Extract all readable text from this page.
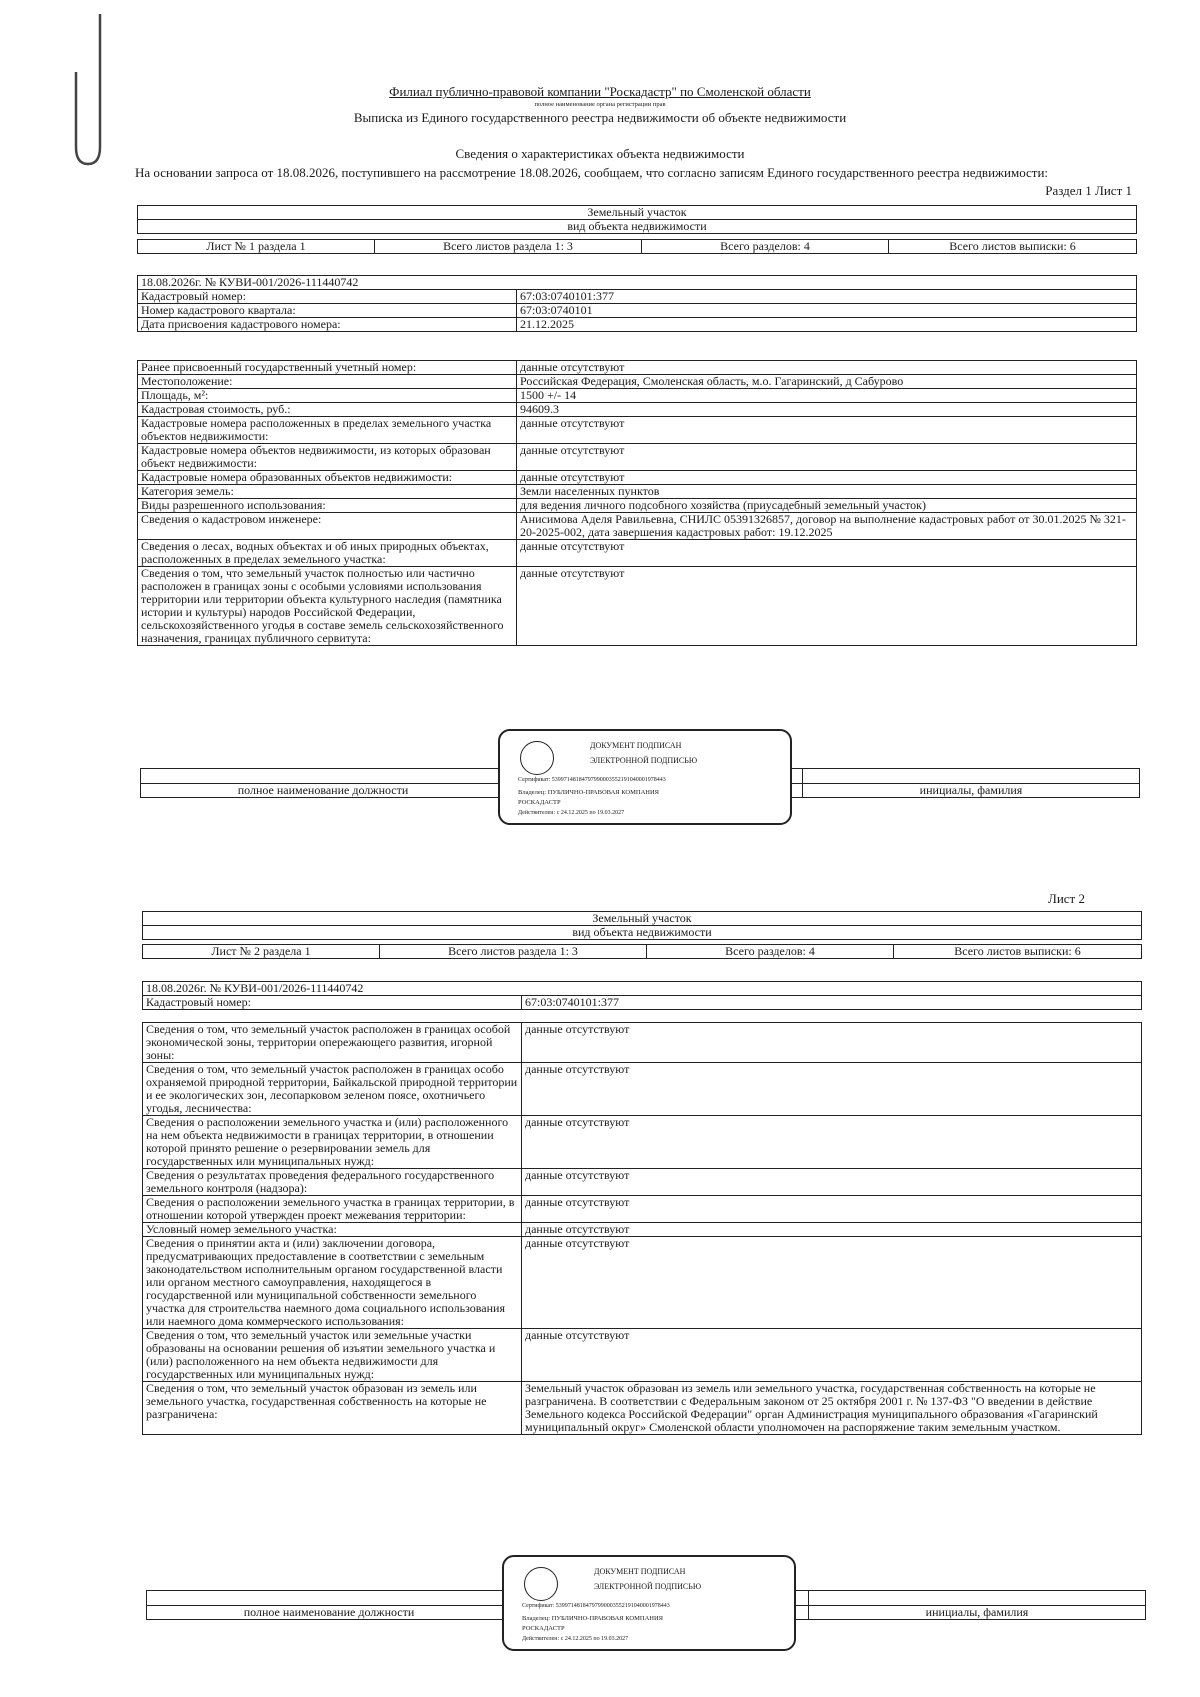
Филиал публично-правовой компании "Роскадастр" по Смоленской области
полное наименование органа регистрации прав
Выписка из Единого государственного реестра недвижимости об объекте недвижимости
Сведения о характеристиках объекта недвижимости
На основании запроса от 18.08.2026, поступившего на рассмотрение 18.08.2026, сообщаем, что согласно записям Единого государственного реестра недвижимости:
Раздел 1 Лист 1
Земельный участок
вид объекта недвижимости

Лист № 1 раздела 1	Всего листов раздела 1: 3	Всего разделов: 4	Всего листов выписки: 6
18.08.2026г. № КУВИ-001/2026-111440742	
Кадастровый номер:	67:03:0740101:377
Номер кадастрового квартала:	67:03:0740101
Дата присвоения кадастрового номера:	21.12.2025
Ранее присвоенный государственный учетный номер:	данные отсутствуют
Местоположение:	Российская Федерация, Смоленская область, м.о. Гагаринский, д Сабурово
Площадь, м²:	1500 +/- 14
Кадастровая стоимость, руб.:	94609.3
Кадастровые номера расположенных в пределах земельного участка объектов недвижимости:	данные отсутствуют
Кадастровые номера объектов недвижимости, из которых образован объект недвижимости:	данные отсутствуют
Кадастровые номера образованных объектов недвижимости:	данные отсутствуют
Категория земель:	Земли населенных пунктов
Виды разрешенного использования:	для ведения личного подсобного хозяйства (приусадебный земельный участок)
Сведения о кадастровом инженере:	Анисимова Аделя Равильевна, СНИЛС 05391326857, договор на выполнение кадастровых работ от 30.01.2025 № 321-20-2025-002, дата завершения кадастровых работ: 19.12.2025
Сведения о лесах, водных объектах и об иных природных объектах, расположенных в пределах земельного участка:	данные отсутствуют
Сведения о том, что земельный участок полностью или частично расположен в границах зоны с особыми условиями использования территории или территории объекта культурного наследия (памятника истории и культуры) народов Российской Федерации, сельскохозяйственного угодья в составе земель сельскохозяйственного назначения, границах публичного сервитута:	данные отсутствуют

полное наименование должности		инициалы, фамилия
ДОКУМЕНТ ПОДПИСАН
ЭЛЕКТРОННОЙ ПОДПИСЬЮ
Сертификат: 53997148184797990003552191040001978443
Владелец: ПУБЛИЧНО-ПРАВОВАЯ КОМПАНИЯ
РОСКАДАСТР
Действителен: с 24.12.2025 по 19.03.2027
Лист 2
Земельный участок
вид объекта недвижимости

Лист № 2 раздела 1	Всего листов раздела 1: 3	Всего разделов: 4	Всего листов выписки: 6
18.08.2026г. № КУВИ-001/2026-111440742
Кадастровый номер:	67:03:0740101:377
Сведения о том, что земельный участок расположен в границах особой экономической зоны, территории опережающего развития, игорной зоны:	данные отсутствуют
Сведения о том, что земельный участок расположен в границах особо охраняемой природной территории, Байкальской природной территории и ее экологических зон, лесопарковом зеленом поясе, охотничьего угодья, лесничества:	данные отсутствуют
Сведения о расположении земельного участка и (или) расположенного на нем объекта недвижимости в границах территории, в отношении которой принято решение о резервировании земель для государственных или муниципальных нужд:	данные отсутствуют
Сведения о результатах проведения федерального государственного земельного контроля (надзора):	данные отсутствуют
Сведения о расположении земельного участка в границах территории, в отношении которой утвержден проект межевания территории:	данные отсутствуют
Условный номер земельного участка:	данные отсутствуют
Сведения о принятии акта и (или) заключении договора, предусматривающих предоставление в соответствии с земельным законодательством исполнительным органом государственной власти или органом местного самоуправления, находящегося в государственной или муниципальной собственности земельного участка для строительства наемного дома социального использования или наемного дома коммерческого использования:	данные отсутствуют
Сведения о том, что земельный участок или земельные участки образованы на основании решения об изъятии земельного участка и (или) расположенного на нем объекта недвижимости для государственных или муниципальных нужд:	данные отсутствуют
Сведения о том, что земельный участок образован из земель или земельного участка, государственная собственность на которые не разграничена:	Земельный участок образован из земель или земельного участка, государственная собственность на которые не разграничена. В соответствии с Федеральным законом от 25 октября 2001 г. № 137-ФЗ "О введении в действие Земельного кодекса Российской Федерации" орган Администрация муниципального образования «Гагаринский муниципальный округ» Смоленской области уполномочен на распоряжение таким земельным участком.

полное наименование должности		инициалы, фамилия
ДОКУМЕНТ ПОДПИСАН
ЭЛЕКТРОННОЙ ПОДПИСЬЮ
Сертификат: 53997148184797990003552191040001978443
Владелец: ПУБЛИЧНО-ПРАВОВАЯ КОМПАНИЯ
РОСКАДАСТР
Действителен: с 24.12.2025 по 19.03.2027
